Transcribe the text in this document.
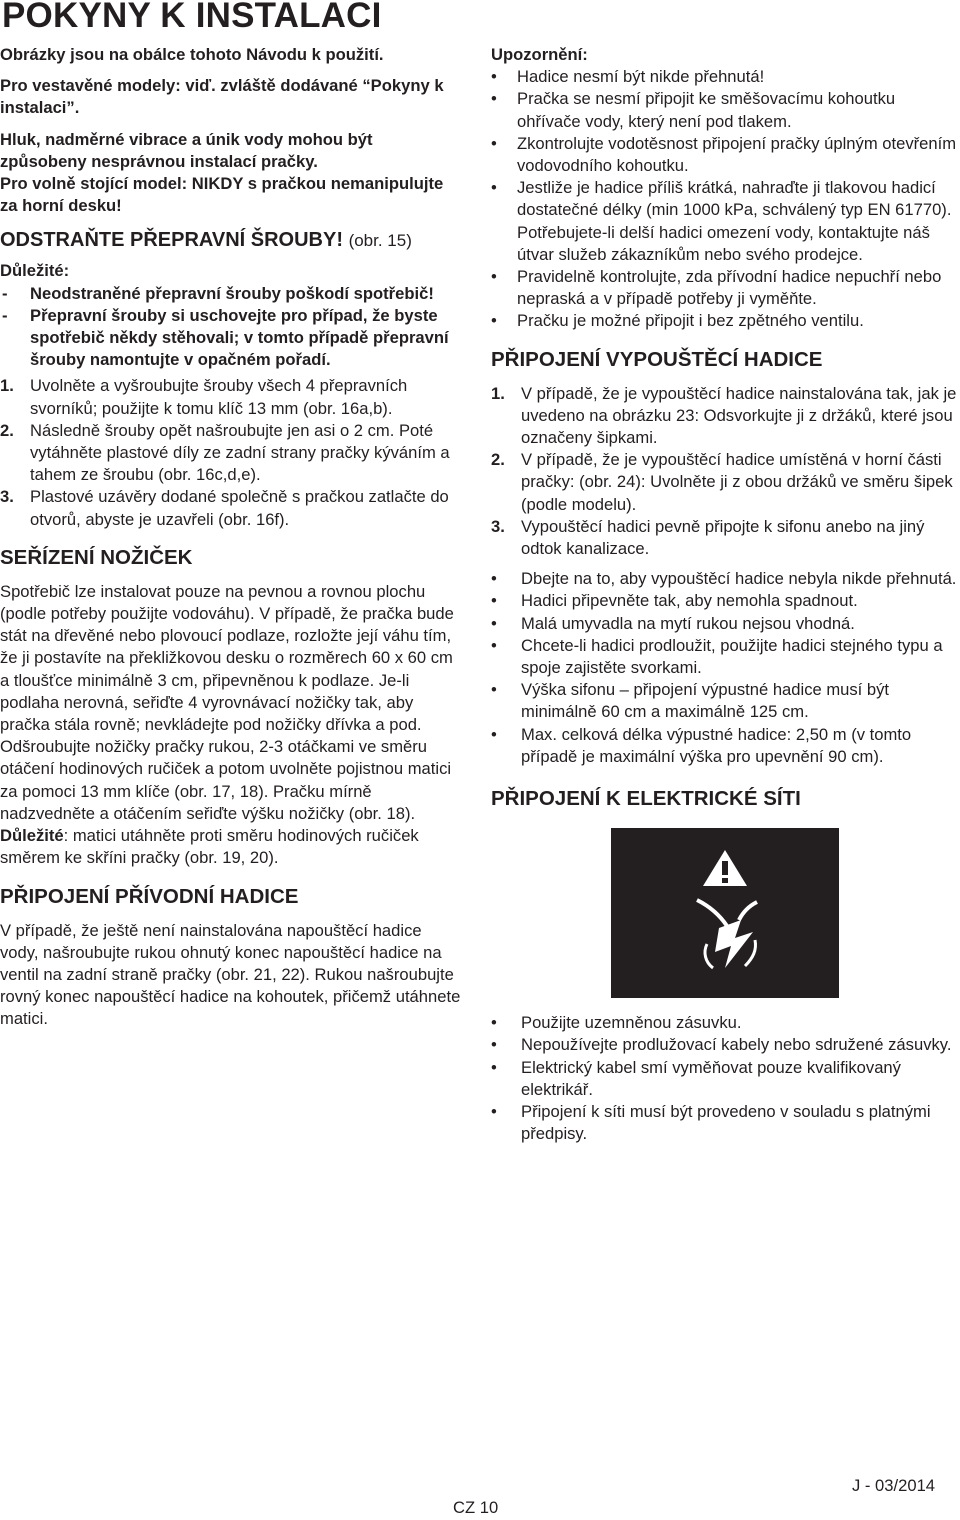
POKYNY K INSTALACI

Obrázky jsou na obálce tohoto Návodu k použití.

Pro vestavěné modely: viď. zvláště dodávané “Pokyny k instalaci”.

Hluk, nadměrné vibrace a únik vody mohou být způsobeny nesprávnou instalací pračky.

Pro volně stojící model: NIKDY s pračkou nemanipulujte za horní desku!

ODSTRAŇTE PŘEPRAVNÍ ŠROUBY! (obr. 15)

Důležité:

- Neodstraněné přepravní šrouby poškodí spotřebič!
- Přepravní šrouby si uschovejte pro případ, že byste spotřebič někdy stěhovali; v tomto případě přepravní šrouby namontujte v opačném pořadí.
1. Uvolněte a vyšroubujte šrouby všech 4 přepravních svorníků; použijte k tomu klíč 13 mm (obr. 16a,b).
2. Následně šrouby opět našroubujte jen asi o 2 cm. Poté vytáhněte plastové díly ze zadní strany pračky kýváním a tahem ze šroubu (obr. 16c,d,e).
3. Plastové uzávěry dodané společně s pračkou zatlačte do otvorů, abyste je uzavřeli (obr. 16f).
SEŘÍZENÍ NOŽIČEK

Spotřebič lze instalovat pouze na pevnou a rovnou plochu (podle potřeby použijte vodováhu). V případě, že pračka bude stát na dřevěné nebo plovoucí podlaze, rozložte její váhu tím, že ji postavíte na překližkovou desku o rozměrech 60 x 60 cm a tloušťce minimálně 3 cm, připevněnou k podlaze. Je-li podlaha nerovná, seřiďte 4 vyrovnávací nožičky tak, aby pračka stála rovně; nevkládejte pod nožičky dřívka a pod.

Odšroubujte nožičky pračky rukou, 2-3 otáčkami ve směru otáčení hodinových ručiček a potom uvolněte pojistnou matici za pomoci 13 mm klíče (obr. 17, 18). Pračku mírně nadzvedněte a otáčením seřiďte výšku nožičky (obr. 18).

Důležité: matici utáhněte proti směru hodinových ručiček směrem ke skříni pračky (obr. 19, 20).

PŘIPOJENÍ PŘÍVODNÍ HADICE

V případě, že ještě není nainstalována napouštěcí hadice vody, našroubujte rukou ohnutý konec napouštěcí hadice na ventil na zadní straně pračky (obr. 21, 22). Rukou našroubujte rovný konec napouštěcí hadice na kohoutek, přičemž utáhnete matici.

Upozornění:

• Hadice nesmí být nikde přehnutá!
• Pračka se nesmí připojit ke směšovacímu kohoutku ohřívače vody, který není pod tlakem.
• Zkontrolujte vodotěsnost připojení pračky úplným otevřením vodovodního kohoutku.
• Jestliže je hadice příliš krátká, nahraďte ji tlakovou hadicí dostatečné délky (min 1000 kPa, schválený typ EN 61770). Potřebujete-li delší hadici omezení vody, kontaktujte náš útvar služeb zákazníkům nebo svého prodejce.
• Pravidelně kontrolujte, zda přívodní hadice nepuchří nebo nepraská a v případě potřeby ji vyměňte.
• Pračku je možné připojit i bez zpětného ventilu.
PŘIPOJENÍ VYPOUŠTĚCÍ HADICE
1. V případě, že je vypouštěcí hadice nainstalována tak, jak je uvedeno na obrázku 23: Odsvorkujte ji z držáků, které jsou označeny šipkami.
2. V případě, že je vypouštěcí hadice umístěná v horní části pračky: (obr. 24): Uvolněte ji z obou držáků ve směru šipek (podle modelu).
3. Vypouštěcí hadici pevně připojte k sifonu anebo na jiný odtok kanalizace.
• Dbejte na to, aby vypouštěcí hadice nebyla nikde přehnutá.
• Hadici připevněte tak, aby nemohla spadnout.
• Malá umyvadla na mytí rukou nejsou vhodná.
• Chcete-li hadici prodloužit, použijte hadici stejného typu a spoje zajistěte svorkami.
• Výška sifonu – připojení výpustné hadice musí být minimálně 60 cm a maximálně 125 cm.
• Max. celková délka výpustné hadice: 2,50 m (v tomto případě je maximální výška pro upevnění 90 cm).
PŘIPOJENÍ K ELEKTRICKÉ SÍTI
• Použijte uzemněnou zásuvku.
• Nepoužívejte prodlužovací kabely nebo sdružené zásuvky.
• Elektrický kabel smí vyměňovat pouze kvalifikovaný elektrikář.
• Připojení k síti musí být provedeno v souladu s platnými předpisy.
CZ 10
J - 03/2014
